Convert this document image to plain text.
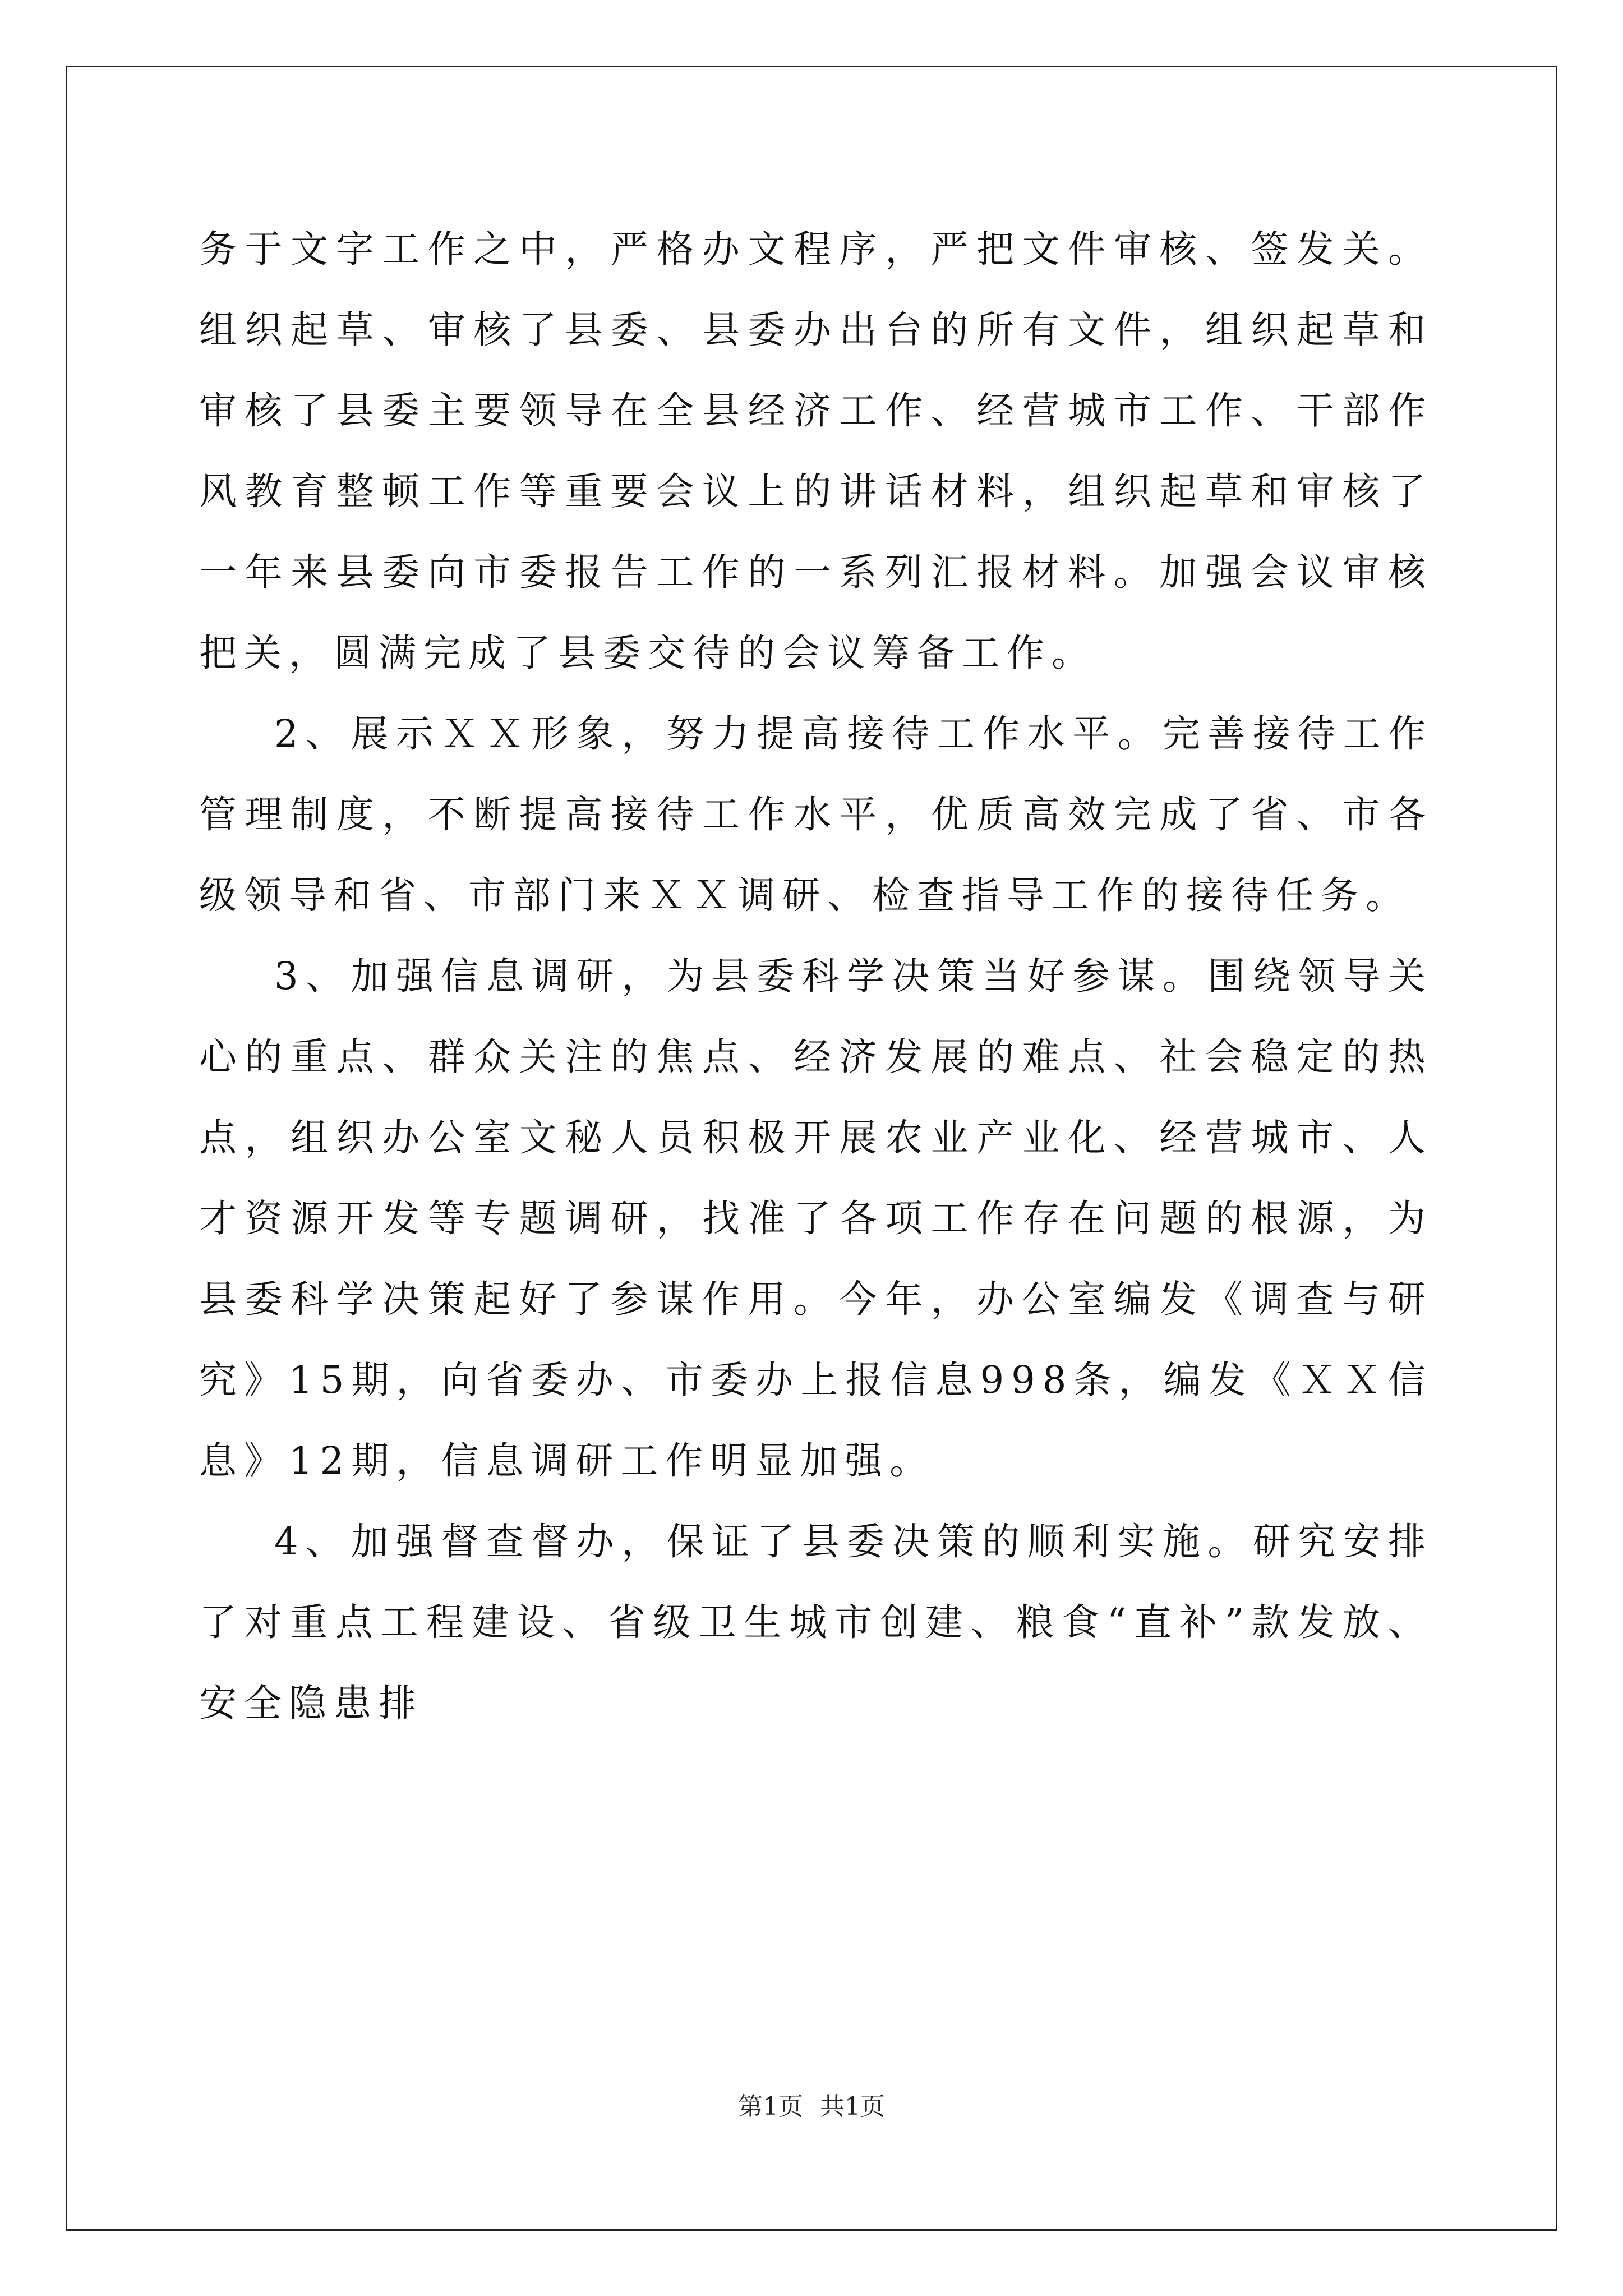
务于文字工作之中，严格办文程序，严把文件审核、签发关。组织起草、审核了县委、县委办出台的所有文件，组织起草和审核了县委主要领导在全县经济工作、经营城市工作、干部作风教育整顿工作等重要会议上的讲话材料，组织起草和审核了一年来县委向市委报告工作的一系列汇报材料。加强会议审核把关，圆满完成了县委交待的会议筹备工作。

2、展示ＸＸ形象，努力提高接待工作水平。完善接待工作管理制度，不断提高接待工作水平，优质高效完成了省、市各级领导和省、市部门来ＸＸ调研、检查指导工作的接待任务。

3、加强信息调研，为县委科学决策当好参谋。围绕领导关心的重点、群众关注的焦点、经济发展的难点、社会稳定的热点，组织办公室文秘人员积极开展农业产业化、经营城市、人才资源开发等专题调研，找准了各项工作存在问题的根源，为县委科学决策起好了参谋作用。今年，办公室编发《调查与研究》15期，向省委办、市委办上报信息998条，编发《ＸＸ信息》12期，信息调研工作明显加强。

4、加强督查督办，保证了县委决策的顺利实施。研究安排了对重点工程建设、省级卫生城市创建、粮食“直补”款发放、安全隐患排

第1页 共1页
